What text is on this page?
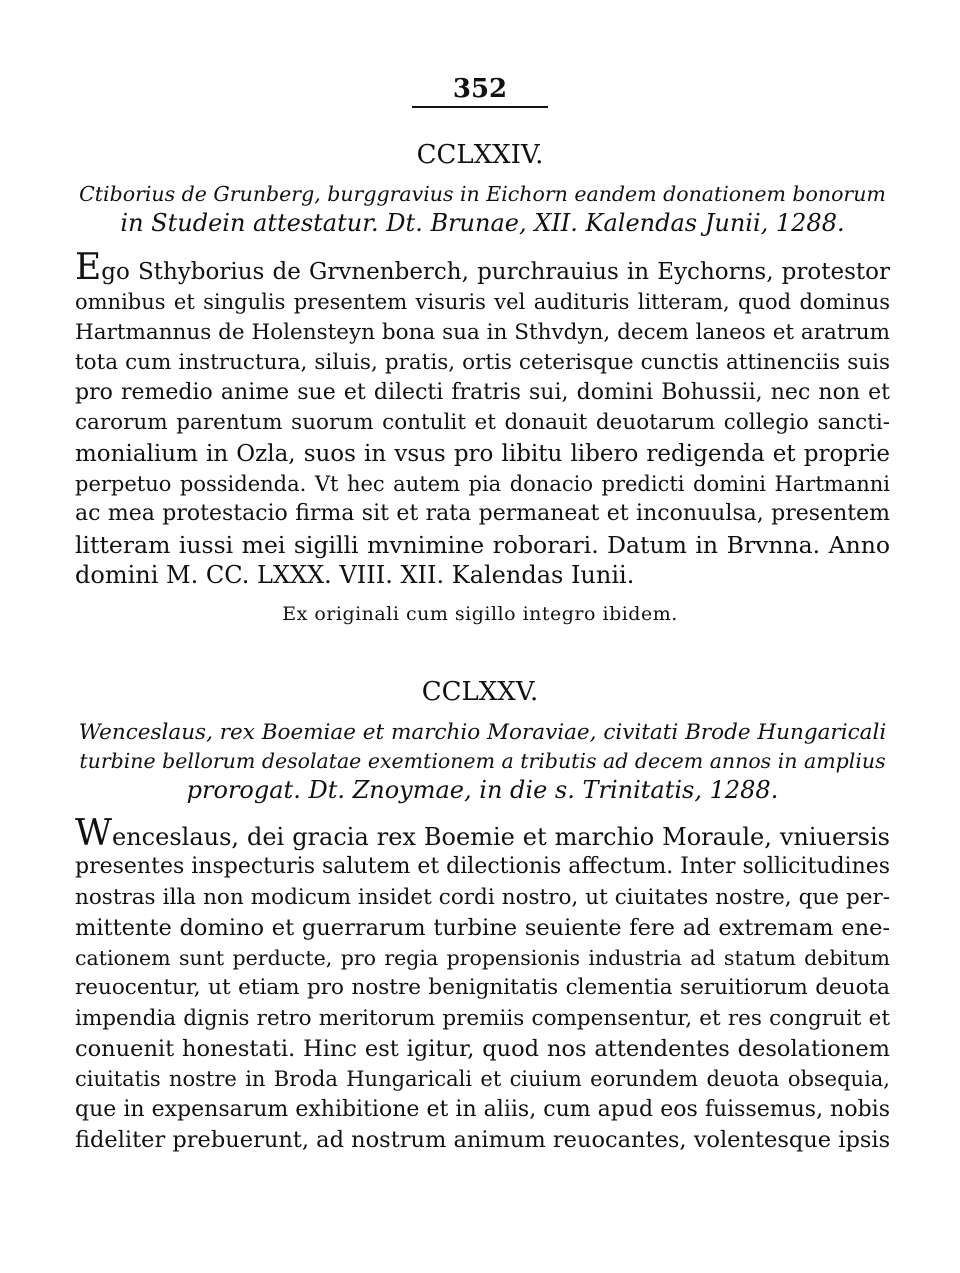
352
CCLXXIV.
Ctiborius de Grunberg, burggravius in Eichorn eandem donationem bonorum
in Studein attestatur. Dt. Brunae, XII. Kalendas Junii, 1288.
Ego Sthyborius de Grvnenberch, purchrauius in Eychorns, protestor
omnibus et singulis presentem visuris vel audituris litteram, quod dominus
Hartmannus de Holensteyn bona sua in Sthvdyn, decem laneos et aratrum
tota cum instructura, siluis, pratis, ortis ceterisque cunctis attinenciis suis
pro remedio anime sue et dilecti fratris sui, domini Bohussii, nec non et
carorum parentum suorum contulit et donauit deuotarum collegio sancti-
monialium in Ozla, suos in vsus pro libitu libero redigenda et proprie
perpetuo possidenda. Vt hec autem pia donacio predicti domini Hartmanni
ac mea protestacio firma sit et rata permaneat et inconuulsa, presentem
litteram iussi mei sigilli mvnimine roborari. Datum in Brvnna. Anno
domini M. CC. LXXX. VIII. XII. Kalendas Iunii.
Ex originali cum sigillo integro ibidem.
CCLXXV.
Wenceslaus, rex Boemiae et marchio Moraviae, civitati Brode Hungaricali
turbine bellorum desolatae exemtionem a tributis ad decem annos in amplius
prorogat. Dt. Znoymae, in die s. Trinitatis, 1288.
Wenceslaus, dei gracia rex Boemie et marchio Moraule, vniuersis
presentes inspecturis salutem et dilectionis affectum. Inter sollicitudines
nostras illa non modicum insidet cordi nostro, ut ciuitates nostre, que per-
mittente domino et guerrarum turbine seuiente fere ad extremam ene-
cationem sunt perducte, pro regia propensionis industria ad statum debitum
reuocentur, ut etiam pro nostre benignitatis clementia seruitiorum deuota
impendia dignis retro meritorum premiis compensentur, et res congruit et
conuenit honestati. Hinc est igitur, quod nos attendentes desolationem
ciuitatis nostre in Broda Hungaricali et ciuium eorundem deuota obsequia,
que in expensarum exhibitione et in aliis, cum apud eos fuissemus, nobis
fideliter prebuerunt, ad nostrum animum reuocantes, volentesque ipsis
